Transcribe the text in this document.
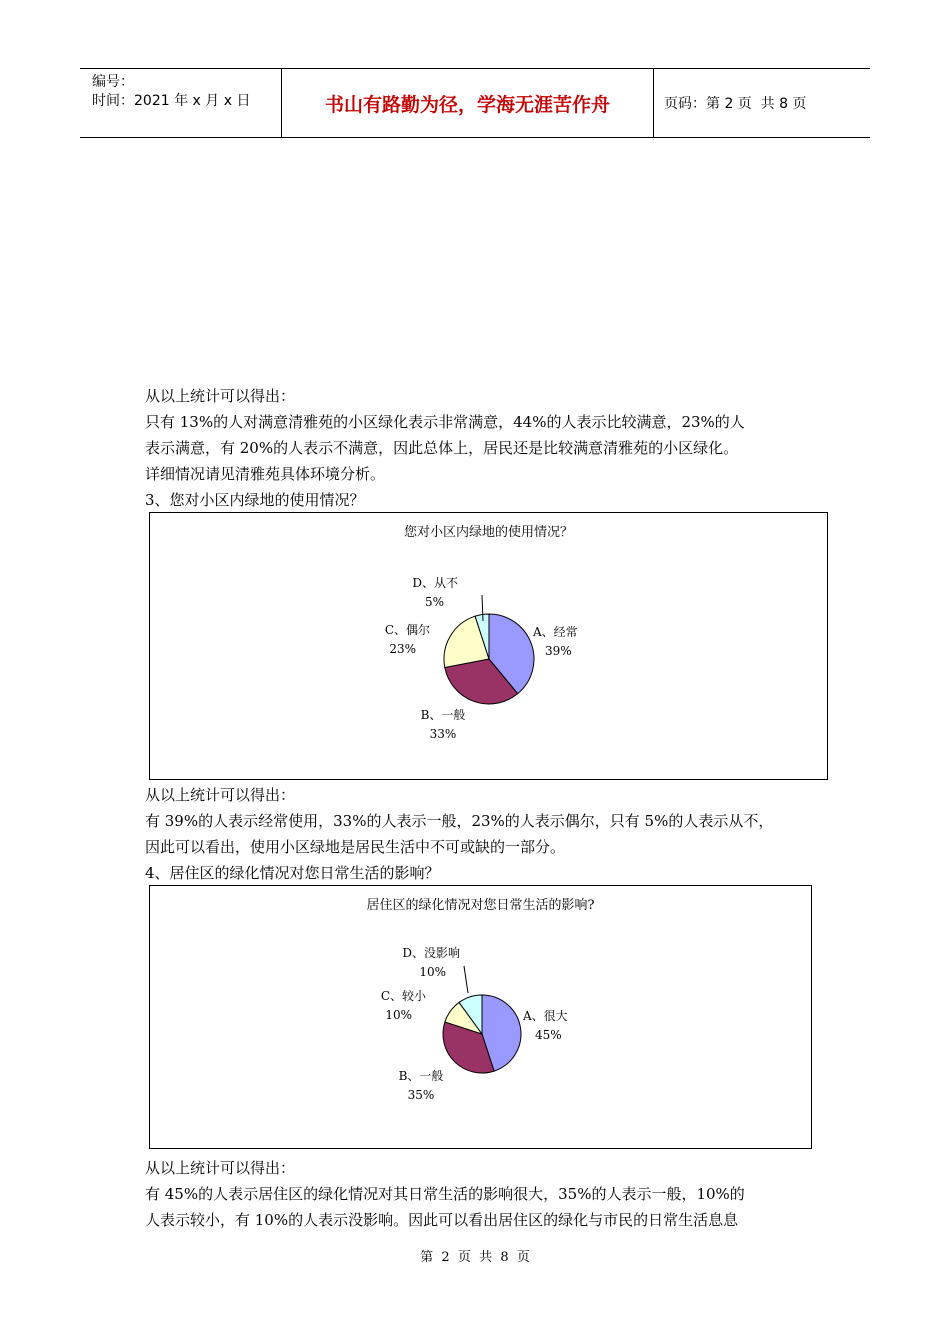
编号：
时间：2021 年 x 月 x 日	书山有路勤为径，学海无涯苦作舟	页码：第 2 页  共 8 页

从以上统计可以得出：

只有 13%的人对满意清雅苑的小区绿化表示非常满意，44%的人表示比较满意，23%的人

表示满意，有 20%的人表示不满意，因此总体上，居民还是比较满意清雅苑的小区绿化。

详细情况请见清雅苑具体环境分析。

3、您对小区内绿地的使用情况？

您对小区内绿地的使用情况？
A、经常
39%
B、一般
33%
C、偶尔
23%
D、从不
5%

从以上统计可以得出：

有 39%的人表示经常使用，33%的人表示一般，23%的人表示偶尔，只有 5%的人表示从不，

因此可以看出，使用小区绿地是居民生活中不可或缺的一部分。

4、居住区的绿化情况对您日常生活的影响？

居住区的绿化情况对您日常生活的影响?
A、很大
45%
B、一般
35%
C、较小
10%
D、没影响
10%

从以上统计可以得出：

有 45%的人表示居住区的绿化情况对其日常生活的影响很大，35%的人表示一般，10%的

人表示较小，有 10%的人表示没影响。因此可以看出居住区的绿化与市民的日常生活息息

第  2  页  共  8  页
